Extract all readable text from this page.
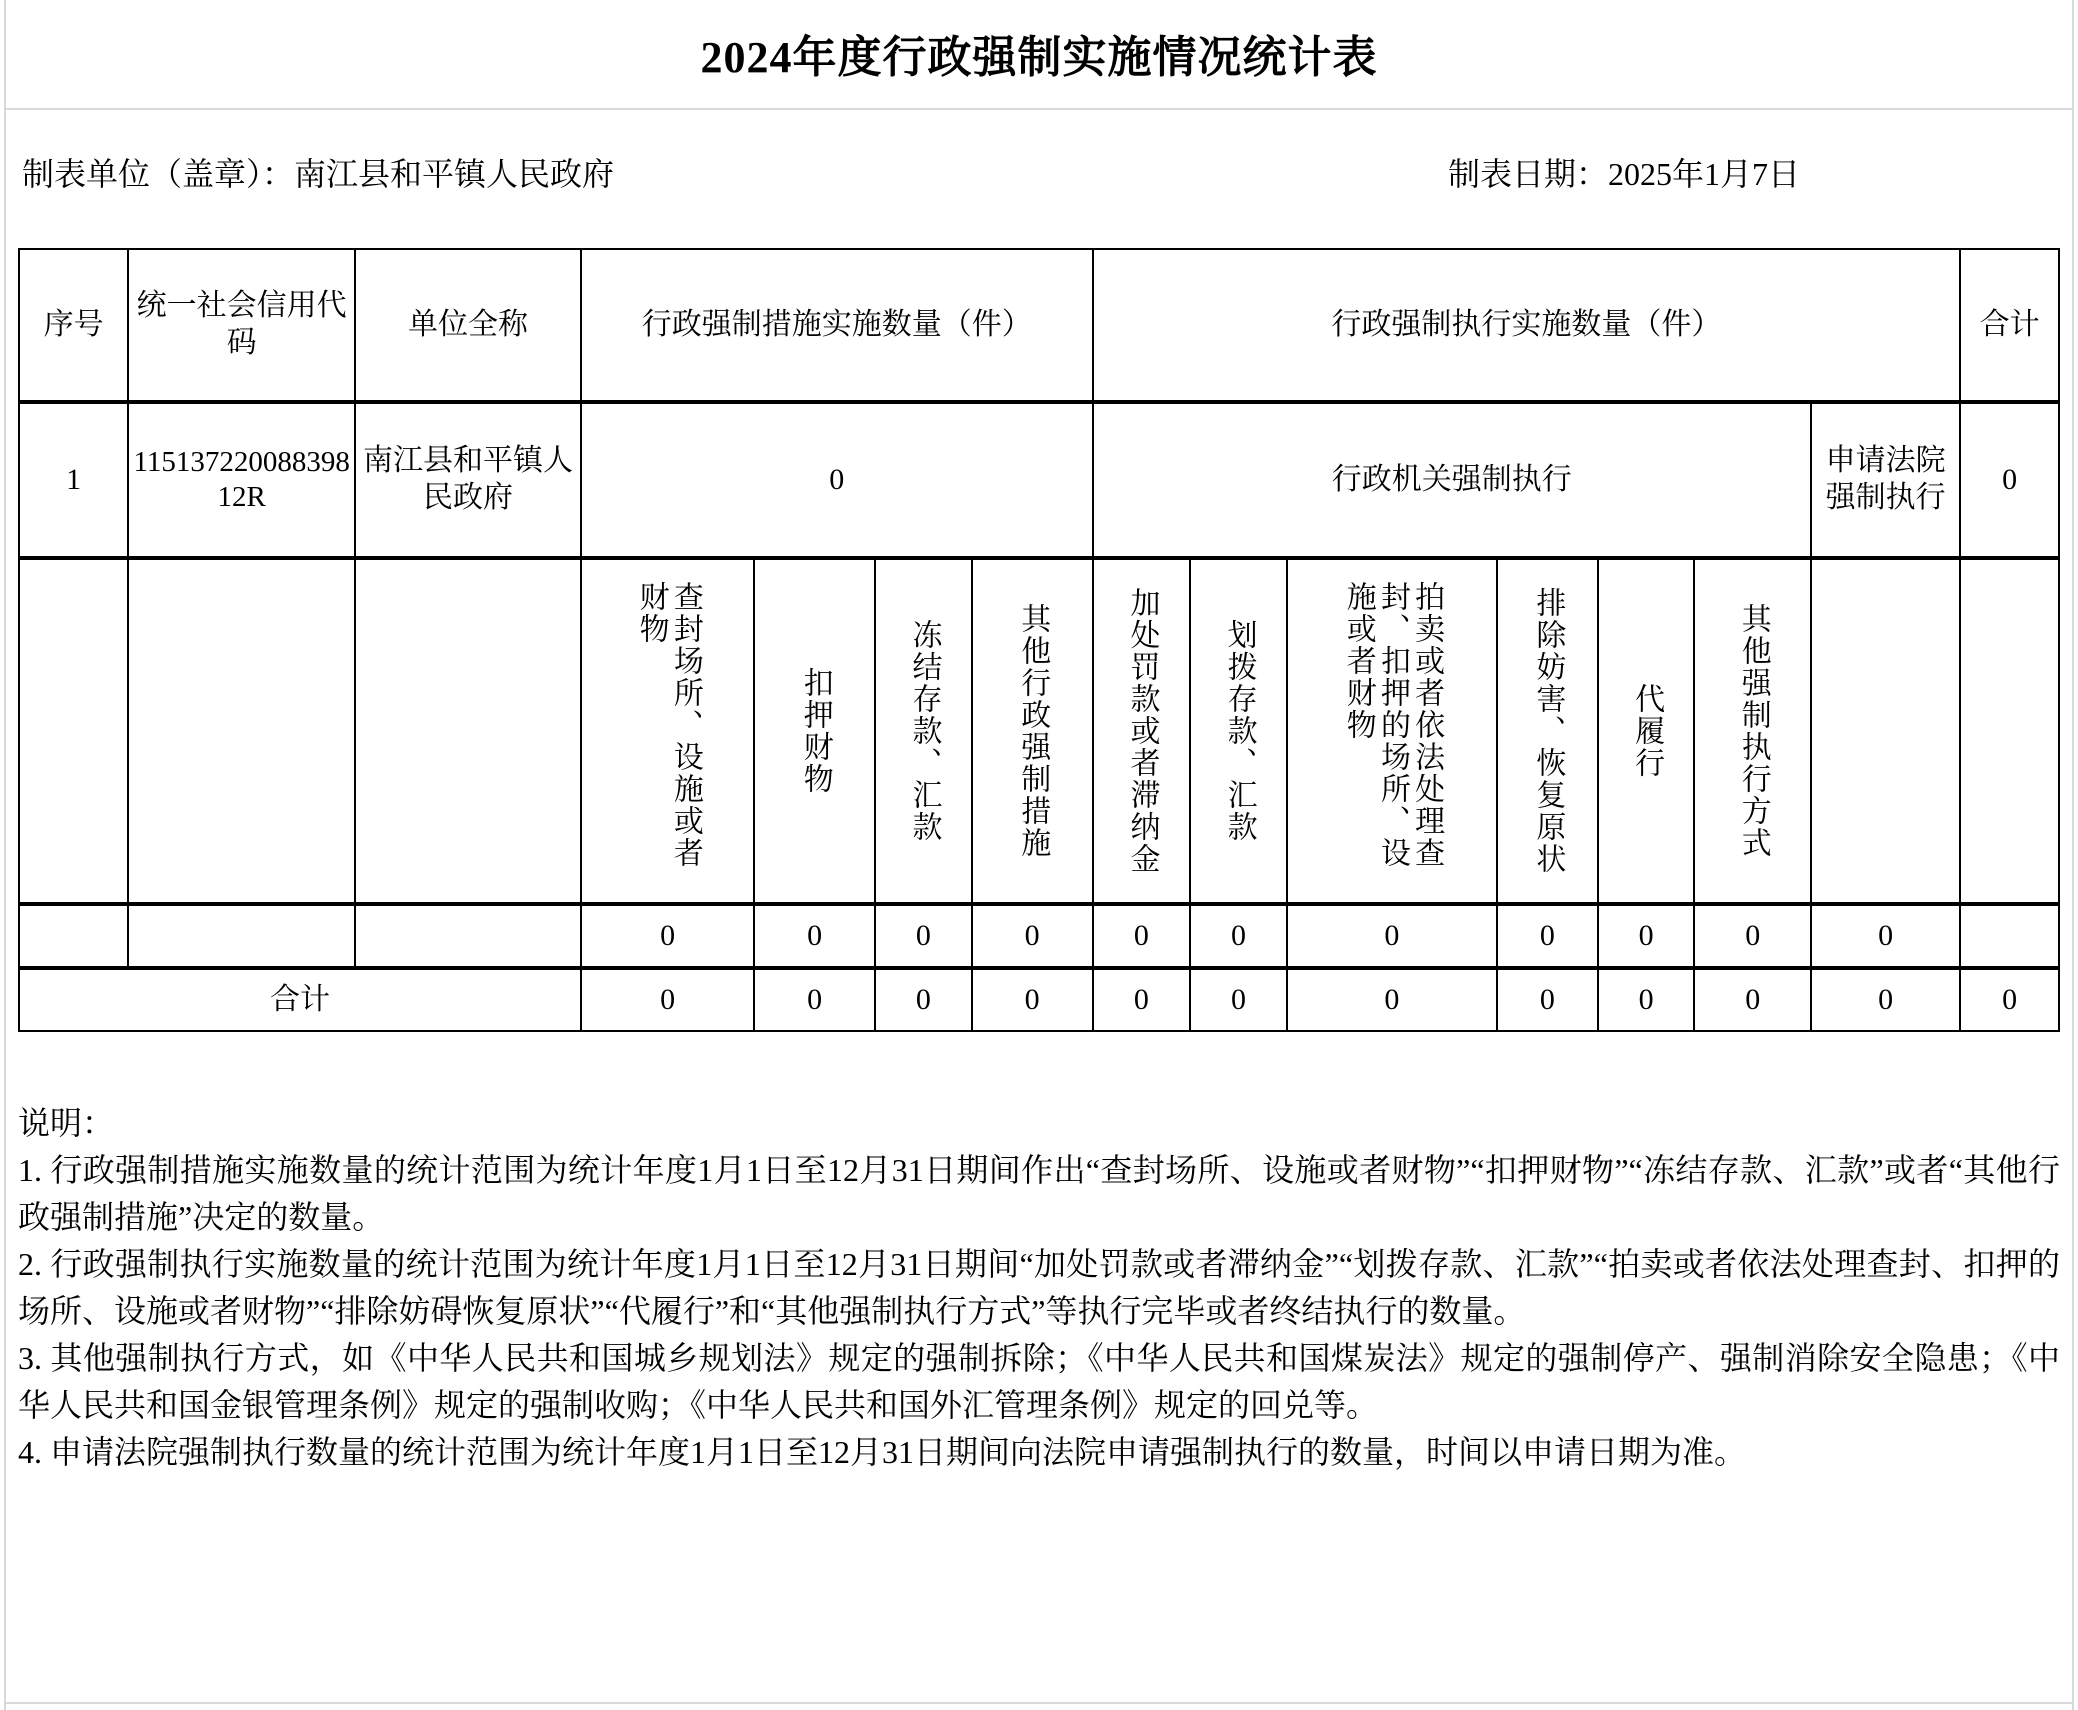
2024年度行政强制实施情况统计表
制表单位（盖章）：南江县和平镇人民政府	制表日期：2025年1月7日
序号	统一社会信用代码	单位全称	行政强制措施实施数量（件）				行政强制执行实施数量（件）							合计
1	11513722008839812R	南江县和平镇人民政府	0				行政机关强制执行						申请法院强制执行	0

			查封场所、设施或者财物	扣押财物	冻结存款、汇款	其他行政强制措施	加处罚款或者滞纳金	划拨存款、汇款	拍卖或者依法处理查封、扣押的场所、设施或者财物	排除妨害、恢复原状	代履行	其他强制执行方式		

			0	0	0	0	0	0	0	0	0	0	0	
合计			0	0	0	0	0	0	0	0	0	0	0	0

说明：

1. 行政强制措施实施数量的统计范围为统计年度1月1日至12月31日期间作出“查封场所、设施或者财物”“扣押财物”“冻结存款、汇款”或者“其他行政强制措施”决定的数量。

2. 行政强制执行实施数量的统计范围为统计年度1月1日至12月31日期间“加处罚款或者滞纳金”“划拨存款、汇款”“拍卖或者依法处理查封、扣押的场所、设施或者财物”“排除妨碍恢复原状”“代履行”和“其他强制执行方式”等执行完毕或者终结执行的数量。

3. 其他强制执行方式，如《中华人民共和国城乡规划法》规定的强制拆除；《中华人民共和国煤炭法》规定的强制停产、强制消除安全隐患；《中华人民共和国金银管理条例》规定的强制收购；《中华人民共和国外汇管理条例》规定的回兑等。

4. 申请法院强制执行数量的统计范围为统计年度1月1日至12月31日期间向法院申请强制执行的数量，时间以申请日期为准。
